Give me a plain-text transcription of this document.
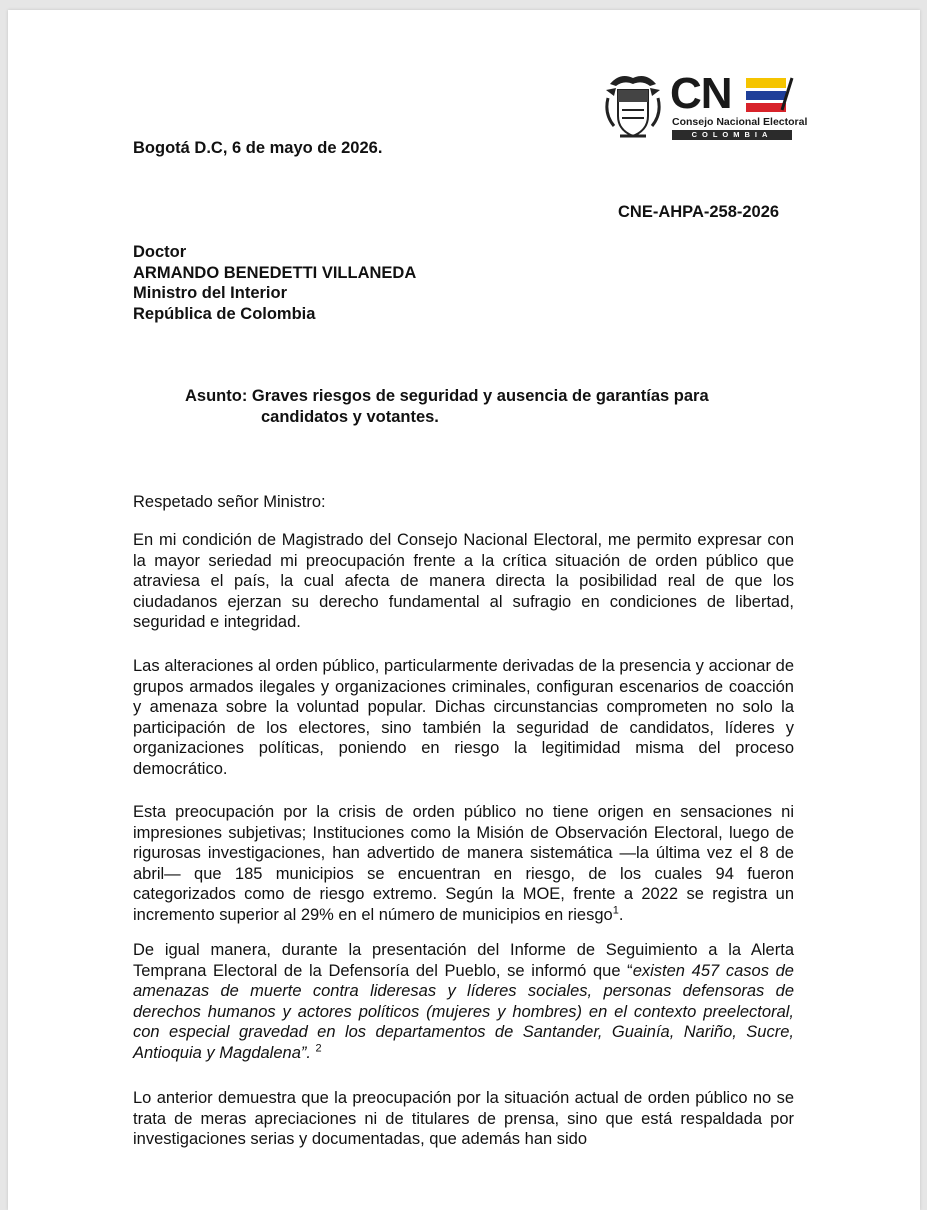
CN
Consejo Nacional Electoral
COLOMBIA

Bogotá D.C, 6 de mayo de 2026.

CNE-AHPA-258-2026

Doctor
ARMANDO BENEDETTI VILLANEDA
Ministro del Interior
República de Colombia
Asunto: Graves riesgos de seguridad y ausencia de garantías para
candidatos y votantes.

Respetado señor Ministro:

En mi condición de Magistrado del Consejo Nacional Electoral, me permito expresar con la mayor seriedad mi preocupación frente a la crítica situación de orden público que atraviesa el país, la cual afecta de manera directa la posibilidad real de que los ciudadanos ejerzan su derecho fundamental al sufragio en condiciones de libertad, seguridad e integridad.

Las alteraciones al orden público, particularmente derivadas de la presencia y accionar de grupos armados ilegales y organizaciones criminales, configuran escenarios de coacción y amenaza sobre la voluntad popular. Dichas circunstancias comprometen no solo la participación de los electores, sino también la seguridad de candidatos, líderes y organizaciones políticas, poniendo en riesgo la legitimidad misma del proceso democrático.

Esta preocupación por la crisis de orden público no tiene origen en sensaciones ni impresiones subjetivas; Instituciones como la Misión de Observación Electoral, luego de rigurosas investigaciones, han advertido de manera sistemática —la última vez el 8 de abril— que 185 municipios se encuentran en riesgo, de los cuales 94 fueron categorizados como de riesgo extremo. Según la MOE, frente a 2022 se registra un incremento superior al 29% en el número de municipios en riesgo$^1$.

De igual manera, durante la presentación del Informe de Seguimiento a la Alerta Temprana Electoral de la Defensoría del Pueblo, se informó que “existen 457 casos de amenazas de muerte contra lideresas y líderes sociales, personas defensoras de derechos humanos y actores políticos (mujeres y hombres) en el contexto preelectoral, con especial gravedad en los departamentos de Santander, Guainía, Nariño, Sucre, Antioquia y Magdalena”. $^2$

Lo anterior demuestra que la preocupación por la situación actual de orden público no se trata de meras apreciaciones ni de titulares de prensa, sino que está respaldada por investigaciones serias y documentadas, que además han sido
